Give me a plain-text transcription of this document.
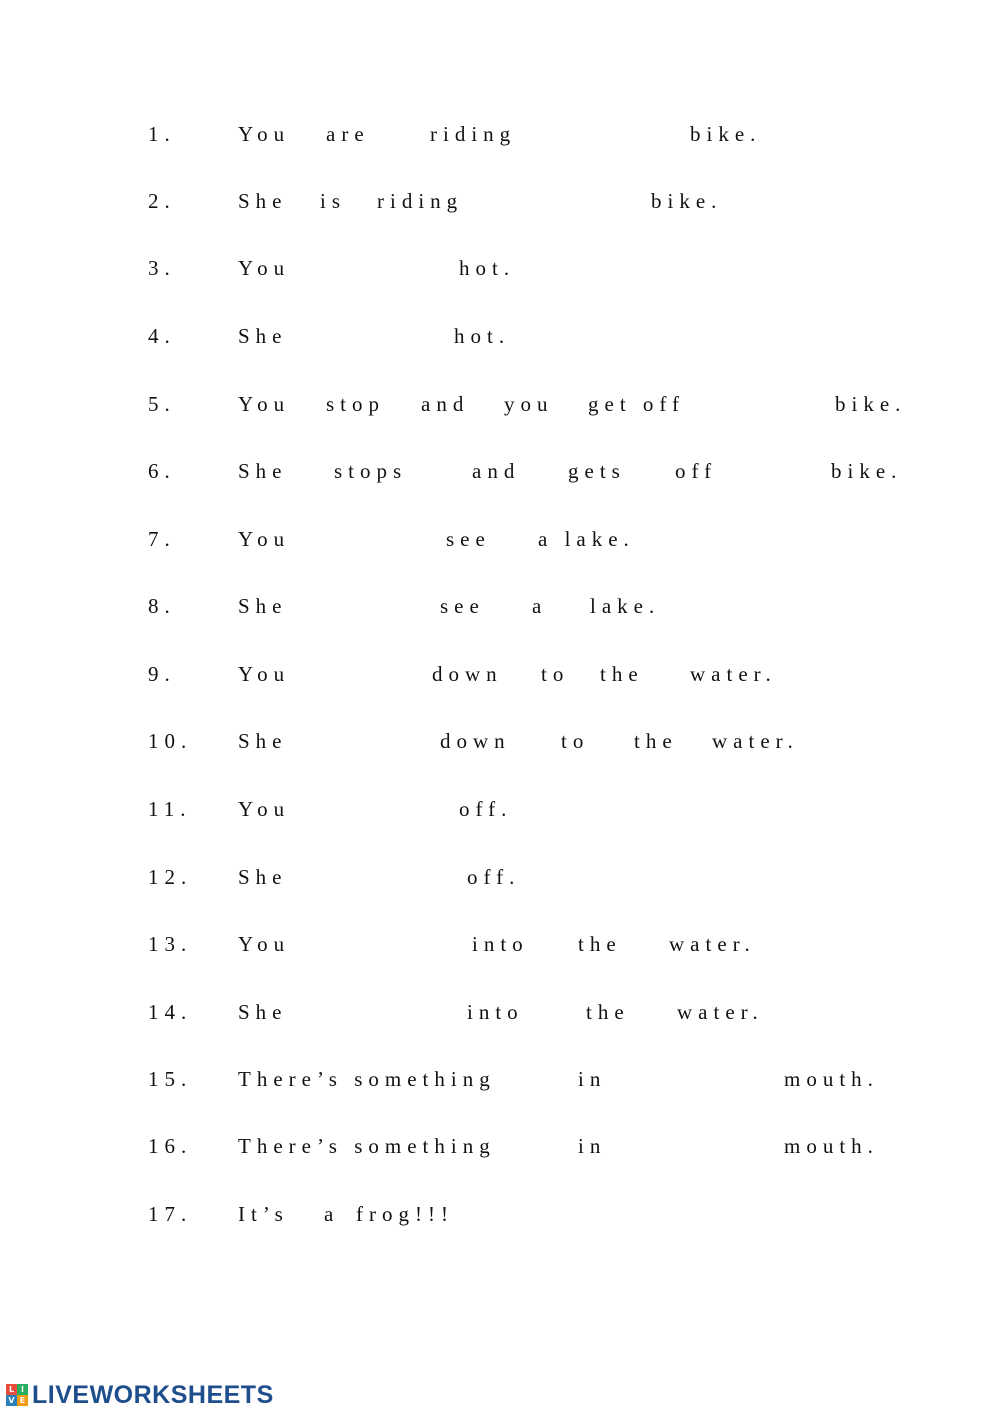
1.	You are	riding	bike.
2.	She is riding	bike.
3.	You	hot.
4.	She	hot.
5.	You stop and you get off	bike.
6.	She stops	and gets off	bike.
7.	You	see a lake.
8.	She	see a lake.
9.	You	down to the water.
10. She	down to the water.
11. You	off.
12. She	off.
13. You	into the water.
14. She	into	the water.
15. There’s something	in	mouth.
16. There’s something	in	mouth.
17. It’s a frog!!!
L I
V E LIVEWORKSHEETS
